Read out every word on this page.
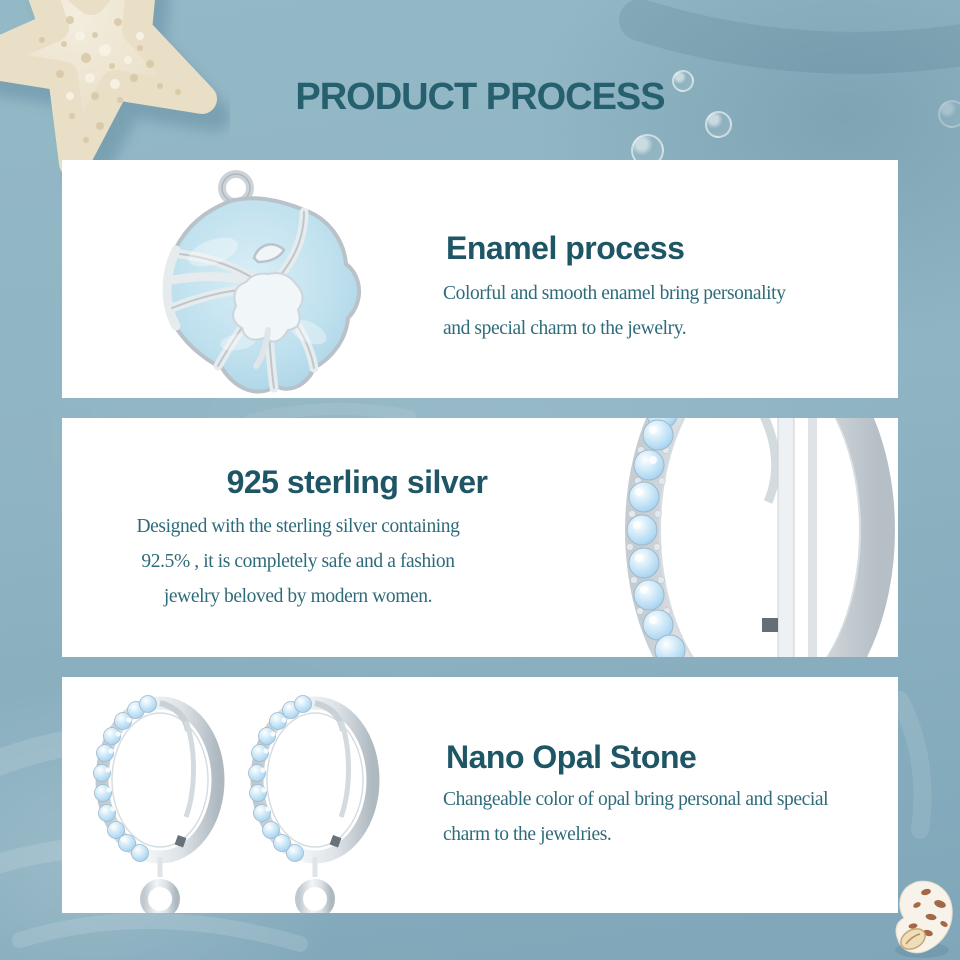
PRODUCT PROCESS
Enamel process
Colorful and smooth enamel bring personality
and special charm to the jewelry.
925 sterling silver
Designed with the sterling silver containing
92.5% , it is completely safe and a fashion
jewelry beloved by modern women.
Nano Opal Stone
Changeable color of opal bring personal and special
charm to the jewelries.
